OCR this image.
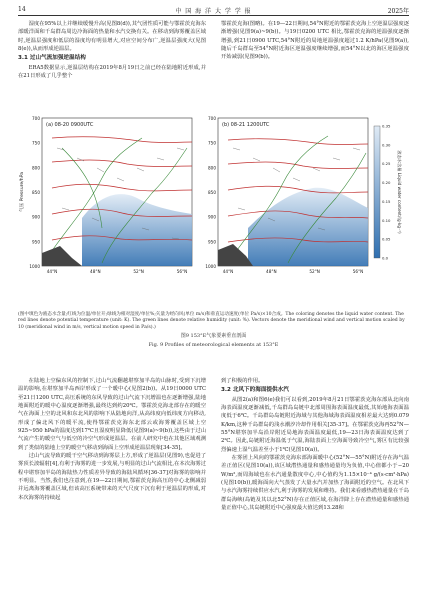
14	中 国 海 洋 大 学 学 报	2025年

湿度在95%以上并继续缓慢升高(见图8(d)),其气团性质可能与鄂霍茨克海东部暖洋面和千岛群岛周边冷海面的热量和水汽交换有关。在移动到海雾覆盖区域时,逆温层强度和低层的湿度均有明显增大,对应空间分布广,逆温层强度大(见图8(e)),从而形成逆温层。

3.1 过山气流加强逆温结构

ERA5数据显示,逆温层结构在2019年8月19日之前已经在陆地附近形成,并在21日形成了几乎整个

鄂霍茨克海(图略)。在19—22日期间,54°N附近的鄂霍茨克海上空逆温层强度逐渐增强(见图9(a)~9(b))。与19日0200 UTC 相比,鄂霍茨克海的逆温强度逐渐增强,到21日0900 UTC,54°N附近的局地逆温强度超过1.2 K/hPa(见图9(a)),随后千岛群岛至54°N附近海区逆温强度继续增强,而54°N以北的海区逆温强度开始减弱(见图9(b))。

(a) 08-20 0900UTC	(b) 08-21 1200UTC
气压 Pressure/hPa	液态水含量 Liquid water content/(g·kg⁻¹)
700
750
800
850
900
950
1000
700
750
800
850
900
950
1000
44°N	48°N	52°N	56°N	44°N	48°N	52°N	56°N
0.0
0.05
0.10
0.15
0.20
0.25
0.30
0.35
(图中填色为液态水含量;红线为位温/单位开;绿线为相对湿度/单位%;矢量为经向风(单位 m/s)和垂直运动速度(单位 Pa/s)×10合成。The coloring denotes the liquid water content. The red lines denote potential temperature (unit: K). The green lines denote relative humidity (unit: %). Vectors denote the meridional wind and vertical motion scaled by 10 (meridional wind in m/s, vertical motion speed in Pa/s).)
图9 153°E气象要素垂直剖面
Fig. 9 Profiles of meteorological elements at 153°E

在陆地上空偏东风的控制下,过山气流翻越堪察加半岛的山脉时,受到下沉增温的影响,在堪察加半岛西岸形成了一个暖中心(见图2(b))。从19日0000 UTC至21日1200 UTC,高压系统的东风导致的过山气流下沉增温也在逐渐增强,陆地地面附近的暖中心温度逐渐增强,最终达到约20℃。鄂霍茨克海北部存在的暖空气在海面上空的北风和东北风的影响下从陆地向洋,从高纬度向低纬度方向移动,形成了偏北风下的暖平流,使得鄂霍茨克海东北部云或海雾覆盖区域上空925~950 hPa的温度达到17℃且湿度明显降低(见图9(a)~9(b)),这些由于过山气流产生的暖空气与低空的冷空气形成逆温层。在前人研究中也在其他区域观测到了类似的陆地上空的暖空气移动到海面上空形成逆温层现象[34-35]。

过山气流导致的暖干空气移动到海雾层上方,形成了逆温层(见图9),也促进了雾顶长波辐射[4],有利于海雾的进一步发展,与明显的过山气流相比,在本次海雾过程中堪察加半岛的海陆热力性质差异导致的海陆风循环[36-37]对海雾的影响并不明显。当然,我们也注意到,在19—22日期间,鄂霍茨克海高压的中心北侧减弱并远离海雾覆盖区域,但该高压系统带来的天气尺度下沉有利于逆温层的形成,对本次海雾的持续起

到了积极的作用。

3.2 北风下的海面提供水汽

从图2(a)和图6(e)我们可以看到,2019年8月21日鄂霍茨克海东部从北向南海表面温度逐渐减低,千岛群岛岛链中北部周围海表面温度最低,其始地海表面温度低于6℃。千岛群岛岛链附近海域与其他海域海表面温度相差最大达到0.079 K/km,这种千岛群岛的浅水潮汐冷却作用相关[35-37]。在鄂霍茨克海再52°N—55°N堪察加半岛沿岸附近局地海表面温度最低,19—23日海表面温度达到了2℃。因此,岛链附近海温低于气温,海陆表面上空海面导致冷空气,雾区有比较强烈偏速上湿气温差至小于1℃(见图10(a))。

在雾团上风向的鄂霍茨克海东部海面暖中心(52°N—55°N)附近存在海气温差正值区(见图10(a)),该区域潜热通量和感热通量均为负值,中心值都小于−20 W/m²,而周海域也在水汽通量散度中心,中心值约为1.15×10⁻⁴ g/(s·cm²·hPa)(见图10(b)),暖海面向大气蒸发了大量水汽并加热了海面附近的空气。在北风下与水汽海雾持续供应水汽,利于海雾的发展和维持。我们来看感热潜热通量在千岛群岛海峡(岛链及其以北52°N)存在正值区域,在海洋降上存在潜热通量和感热通量正值中心,其岛链附近中心强度最大值达到13.28和
